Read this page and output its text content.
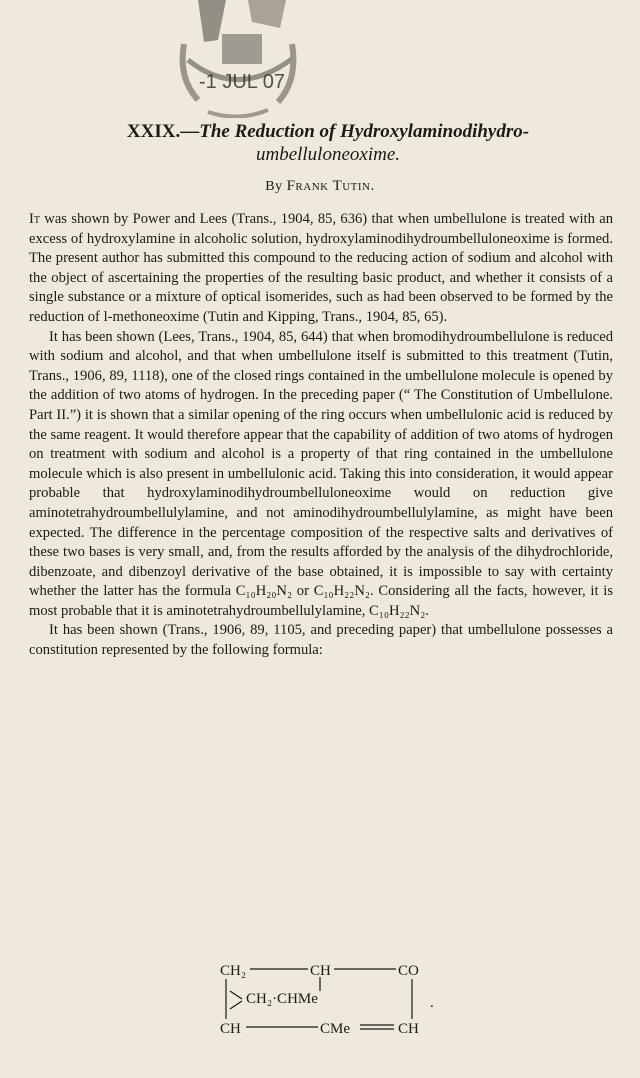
-1 JUL 07
XXIX.—The Reduction of Hydroxylaminodihydro-
umbelluloneoxime.
By Frank Tutin.

It was shown by Power and Lees (Trans., 1904, 85, 636) that when umbellulone is treated with an excess of hydroxylamine in alcoholic solution, hydroxylaminodihydroumbelluloneoxime is formed. The present author has submitted this compound to the reducing action of sodium and alcohol with the object of ascertaining the properties of the resulting basic product, and whether it consists of a single substance or a mixture of optical isomerides, such as had been observed to be formed by the reduction of l-methoneoxime (Tutin and Kipping, Trans., 1904, 85, 65).

It has been shown (Lees, Trans., 1904, 85, 644) that when bromodihydroumbellulone is reduced with sodium and alcohol, and that when umbellulone itself is submitted to this treatment (Tutin, Trans., 1906, 89, 1118), one of the closed rings contained in the umbellulone molecule is opened by the addition of two atoms of hydrogen. In the preceding paper (“ The Constitution of Umbellulone. Part II.”) it is shown that a similar opening of the ring occurs when umbellulonic acid is reduced by the same reagent. It would therefore appear that the capability of addition of two atoms of hydrogen on treatment with sodium and alcohol is a property of that ring contained in the umbellulone molecule which is also present in umbellulonic acid. Taking this into consideration, it would appear probable that hydroxylaminodihydroumbelluloneoxime would on reduction give aminotetrahydroumbellulylamine, and not aminodihydroumbellulylamine, as might have been expected. The difference in the percentage composition of the respective salts and derivatives of these two bases is very small, and, from the results afforded by the analysis of the dihydrochloride, dibenzoate, and dibenzoyl derivative of the base obtained, it is impossible to say with certainty whether the latter has the formula C₁₀H₂₀N₂ or C₁₀H₂₂N₂. Considering all the facts, however, it is most probable that it is aminotetrahydroumbellulylamine, C₁₀H₂₂N₂.

It has been shown (Trans., 1906, 89, 1105, and preceding paper) that umbellulone possesses a constitution represented by the following formula:

CH₂	CH	CO
CH₂·CHMe	.
CH	CMe	CH
